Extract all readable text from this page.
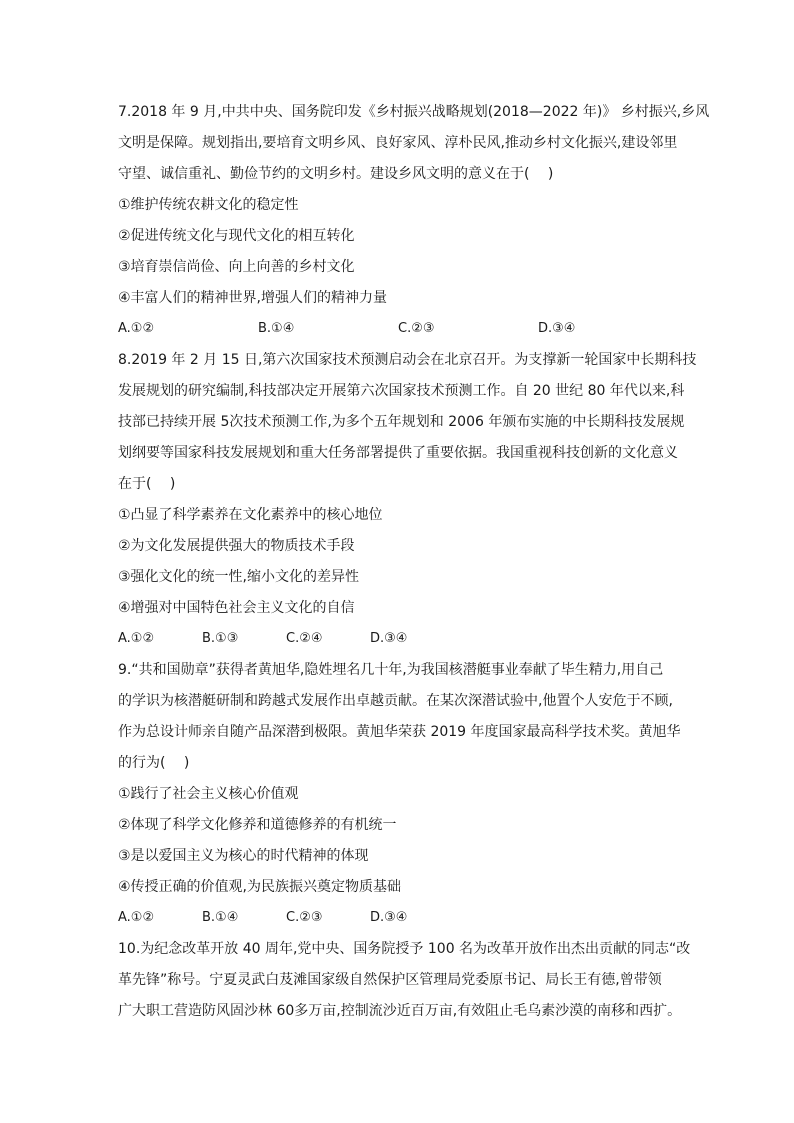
7.2018 年 9 月,中共中央、国务院印发《乡村振兴战略规划(2018—2022 年)》 乡村振兴,乡风
文明是保障。规划指出,要培育文明乡风、良好家风、淳朴民风,推动乡村文化振兴,建设邻里
守望、诚信重礼、勤俭节约的文明乡村。建设乡风文明的意义在于(　 )
①维护传统农耕文化的稳定性
②促进传统文化与现代文化的相互转化
③培育崇信尚俭、向上向善的乡村文化
④丰富人们的精神世界,增强人们的精神力量
A.①②	B.①④	C.②③	D.③④
8.2019 年 2 月 15 日,第六次国家技术预测启动会在北京召开。为支撑新一轮国家中长期科技
发展规划的研究编制,科技部决定开展第六次国家技术预测工作。自 20 世纪 80 年代以来,科
技部已持续开展 5次技术预测工作,为多个五年规划和 2006 年颁布实施的中长期科技发展规
划纲要等国家科技发展规划和重大任务部署提供了重要依据。我国重视科技创新的文化意义
在于(　 )
①凸显了科学素养在文化素养中的核心地位
②为文化发展提供强大的物质技术手段
③强化文化的统一性,缩小文化的差异性
④增强对中国特色社会主义文化的自信
A.①②	B.①③	C.②④	D.③④
9.“共和国勋章”获得者黄旭华,隐姓埋名几十年,为我国核潜艇事业奉献了毕生精力,用自己
的学识为核潜艇研制和跨越式发展作出卓越贡献。在某次深潜试验中,他置个人安危于不顾,
作为总设计师亲自随产品深潜到极限。黄旭华荣获 2019 年度国家最高科学技术奖。黄旭华
的行为(　 )
①践行了社会主义核心价值观
②体现了科学文化修养和道德修养的有机统一
③是以爱国主义为核心的时代精神的体现
④传授正确的价值观,为民族振兴奠定物质基础
A.①②	B.①④	C.②③	D.③④
10.为纪念改革开放 40 周年,党中央、国务院授予 100 名为改革开放作出杰出贡献的同志“改
革先锋”称号。宁夏灵武白芨滩国家级自然保护区管理局党委原书记、局长王有德,曾带领
广大职工营造防风固沙林 60多万亩,控制流沙近百万亩,有效阻止毛乌素沙漠的南移和西扩。
